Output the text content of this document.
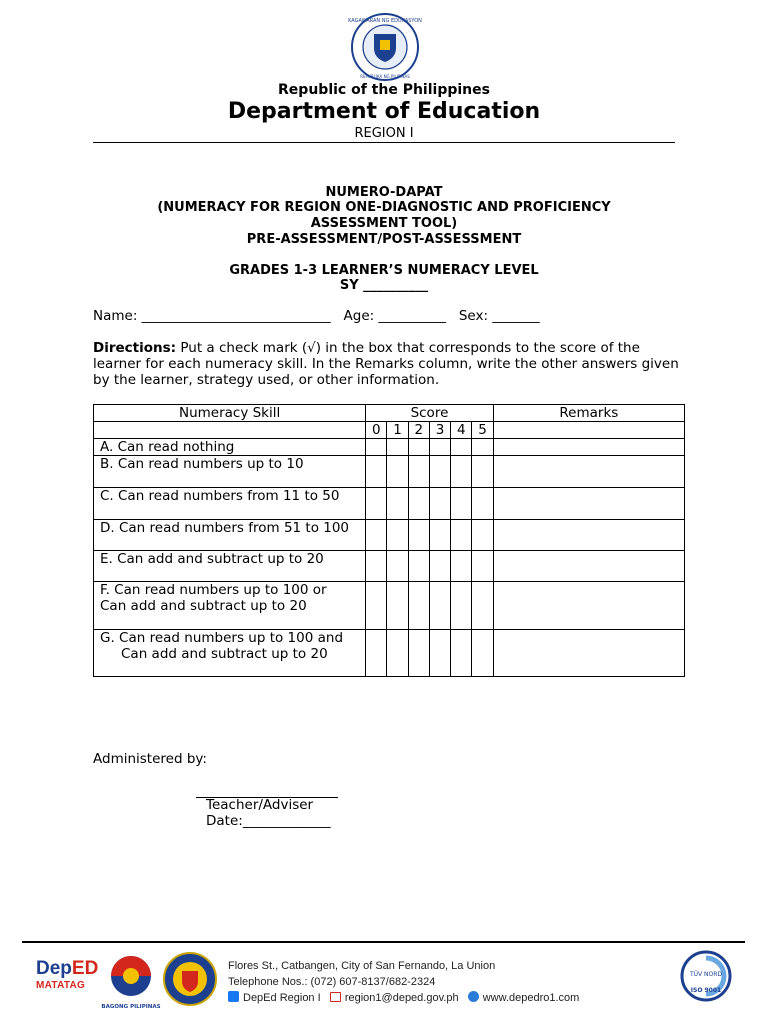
KAGAWARAN NG EDUKASYON
REPUBLIKA NG PILIPINAS
Republic of the Philippines
Department of Education
REGION I
NUMERO-DAPAT
(NUMERACY FOR REGION ONE-DIAGNOSTIC AND PROFICIENCY
ASSESSMENT TOOL)
PRE-ASSESSMENT/POST-ASSESSMENT
GRADES 1-3 LEARNER’S NUMERACY LEVEL
SY __________
Name: ____________________________   Age: __________   Sex: _______
Directions: Put a check mark (√) in the box that corresponds to the score of the learner for each numeracy skill. In the Remarks column, write the other answers given by the learner, strategy used, or other information.
Numeracy Skill	Score						Remarks
	0	1	2	3	4	5	
A. Can read nothing							
B. Can read numbers up to 10							
C. Can read numbers from 11 to 50							
D. Can read numbers from 51 to 100							
E. Can add and subtract up to 20							

F. Can read numbers up to 100 or
Can add and subtract up to 20							

G. Can read numbers up to 100 and
Can add and subtract up to 20							

Administered by:
Teacher/Adviser
Date:_____________
DepED
MATATAG
BAGONG PILIPINAS
Flores St., Catbangen, City of San Fernando, La Union
Telephone Nos.: (072) 607-8137/682-2324
DepEd Region I region1@deped.gov.ph www.depedro1.com
TÜV NORD
ISO 9001
